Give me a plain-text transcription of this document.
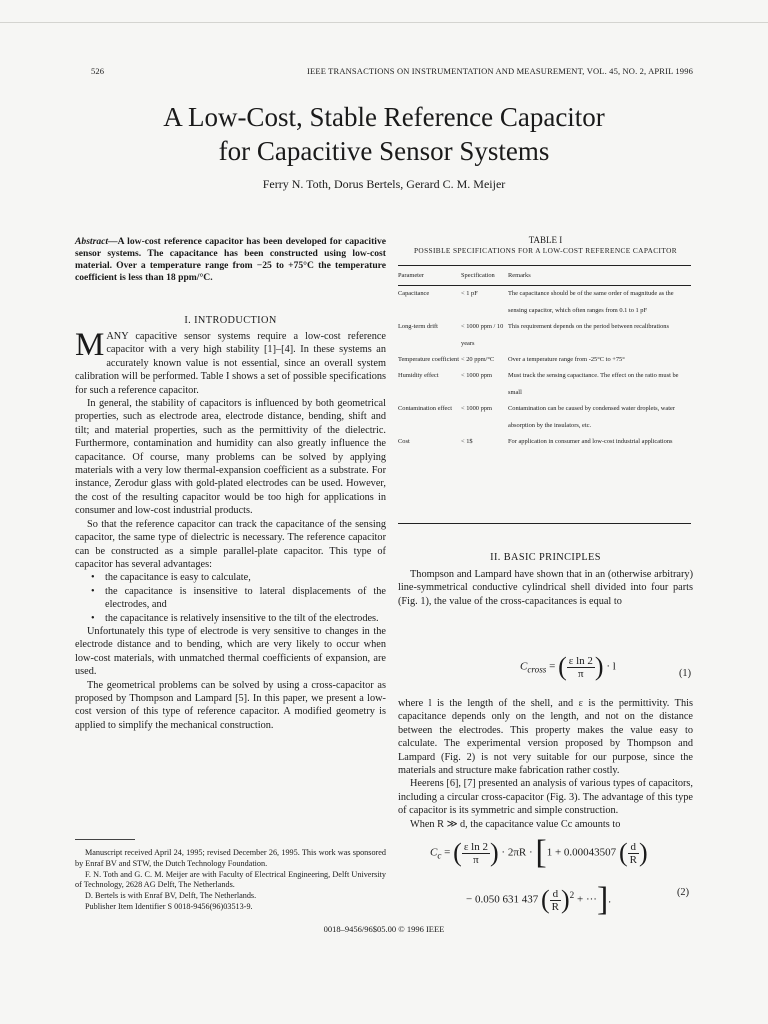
526	IEEE TRANSACTIONS ON INSTRUMENTATION AND MEASUREMENT, VOL. 45, NO. 2, APRIL 1996
A Low-Cost, Stable Reference Capacitor
for Capacitive Sensor Systems
Ferry N. Toth, Dorus Bertels, Gerard C. M. Meijer
Abstract—A low-cost reference capacitor has been developed for capacitive sensor systems. The capacitance has been constructed using low-cost material. Over a temperature range from −25 to +75°C the temperature coefficient is less than 18 ppm/°C.
I. INTRODUCTION

MANY capacitive sensor systems require a low-cost reference capacitor with a very high stability [1]–[4]. In these systems an accurately known value is not essential, since an overall system calibration will be performed. Table I shows a set of possible specifications for such a reference capacitor.

In general, the stability of capacitors is influenced by both geometrical properties, such as electrode area, electrode distance, bending, shift and tilt; and material properties, such as the permittivity of the dielectric. Furthermore, contamination and humidity can also greatly influence the capacitance. Of course, many problems can be solved by applying materials with a very low thermal-expansion coefficient as a substrate. For instance, Zerodur glass with gold-plated electrodes can be used. However, the cost of the resulting capacitor would be too high for applications in consumer and low-cost industrial products.

So that the reference capacitor can track the capacitance of the sensing capacitor, the same type of dielectric is necessary. The reference capacitor can be constructed as a simple parallel-plate capacitor. This type of capacitor has several advantages:

• the capacitance is easy to calculate,
• the capacitance is insensitive to lateral displacements of the electrodes, and
• the capacitance is relatively insensitive to the tilt of the electrodes.

Unfortunately this type of electrode is very sensitive to changes in the electrode distance and to bending, which are very likely to occur when low-cost materials, with unmatched thermal coefficients of expansion, are used.

The geometrical problems can be solved by using a cross-capacitor as proposed by Thompson and Lampard [5]. In this paper, we present a low-cost version of this type of reference capacitor. A modified geometry is applied to simplify the mechanical construction.

Manuscript received April 24, 1995; revised December 26, 1995. This work was sponsored by Enraf BV and STW, the Dutch Technology Foundation.

F. N. Toth and G. C. M. Meijer are with Faculty of Electrical Engineering, Delft University of Technology, 2628 AG Delft, The Netherlands.

D. Bertels is with Enraf BV, Delft, The Netherlands.

Publisher Item Identifier S 0018-9456(96)03513-9.

0018–9456/96$05.00 © 1996 IEEE
TABLE I
POSSIBLE SPECIFICATIONS FOR A LOW-COST REFERENCE CAPACITOR
Parameter	Specification	Remarks
Capacitance	< 1 pF	The capacitance should be of the same order of magnitude as the sensing capacitor, which often ranges from 0.1 to 1 pF
Long-term drift	< 1000 ppm / 10 years	This requirement depends on the period between recalibrations
Temperature coefficient	< 20 ppm/°C	Over a temperature range from -25°C to +75°
Humidity effect	< 1000 ppm	Must track the sensing capacitance. The effect on the ratio must be small
Contamination effect	< 1000 ppm	Contamination can be caused by condensed water droplets, water absorption by the insulators, etc.
Cost	< 1$	For application in consumer and low-cost industrial applications
II. BASIC PRINCIPLES

Thompson and Lampard have shown that in an (otherwise arbitrary) line-symmetrical conductive cylindrical shell divided into four parts (Fig. 1), the value of the cross-capacitances is equal to

$C_{cross}$ = ( $\frac{\text{ε ln 2}}{\pi}$ ) · l
(1)

where l is the length of the shell, and ε is the permittivity. This capacitance depends only on the length, and not on the distance between the electrodes. This property makes the value easy to calculate. The experimental version proposed by Thompson and Lampard (Fig. 2) is not very suitable for our purpose, since the materials and structure make fabrication rather costly.

Heerens [6], [7] presented an analysis of various types of capacitors, including a circular cross-capacitor (Fig. 3). The advantage of this type of capacitor is its symmetric and simple construction.

When R ≫ d, the capacitance value Cc amounts to

$C_c$ = ( $\frac{\text{ε ln 2}}{\pi}$ ) · 2πR · [1 + 0.00043507 ( $\frac{d}{R}$ )
− 0.050 631 437 ( $\frac{d}{R} )^2$ + ···].
(2)
